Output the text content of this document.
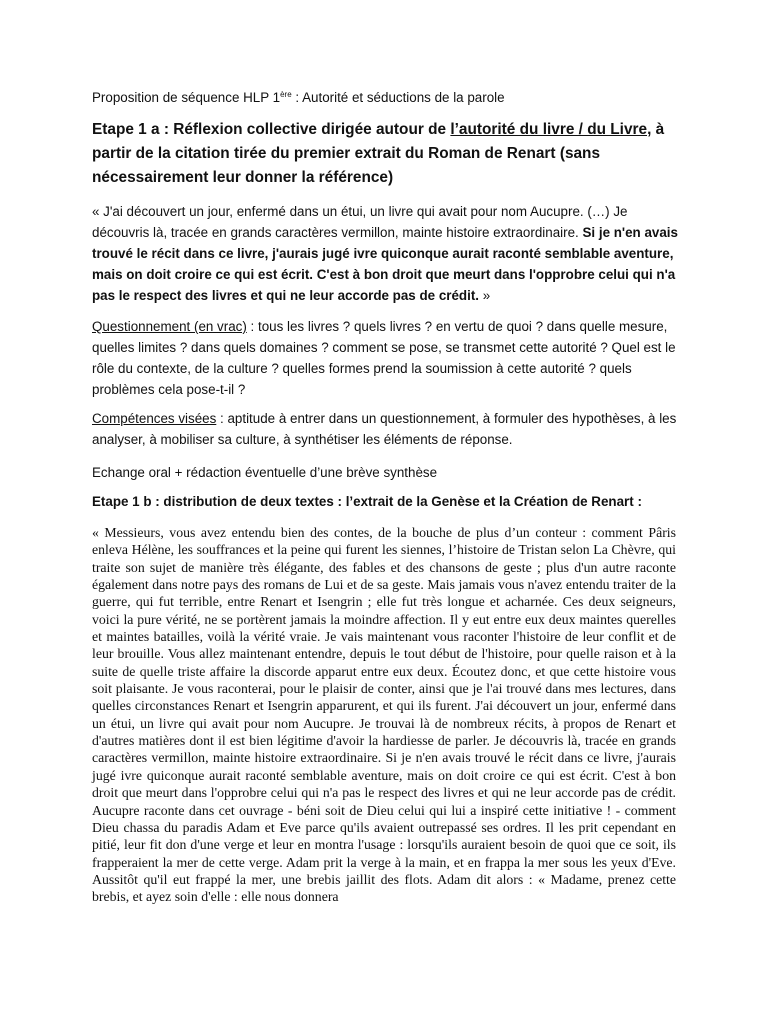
Proposition de séquence HLP 1ère : Autorité et séductions de la parole
Etape 1 a : Réflexion collective dirigée autour de l’autorité du livre / du Livre, à partir de la citation tirée du premier extrait du Roman de Renart (sans nécessairement leur donner la référence)

« J'ai découvert un jour, enfermé dans un étui, un livre qui avait pour nom Aucupre. (…) Je découvris là, tracée en grands caractères vermillon, mainte histoire extraordinaire. Si je n'en avais trouvé le récit dans ce livre, j'aurais jugé ivre quiconque aurait raconté semblable aventure, mais on doit croire ce qui est écrit. C'est à bon droit que meurt dans l'opprobre celui qui n'a pas le respect des livres et qui ne leur accorde pas de crédit. »

Questionnement (en vrac) : tous les livres ? quels livres ? en vertu de quoi ? dans quelle mesure, quelles limites ? dans quels domaines ? comment se pose, se transmet cette autorité ? Quel est le rôle du contexte, de la culture ? quelles formes prend la soumission à cette autorité ? quels problèmes cela pose-t-il ?

Compétences visées : aptitude à entrer dans un questionnement, à formuler des hypothèses, à les analyser, à mobiliser sa culture, à synthétiser les éléments de réponse.

Echange oral + rédaction éventuelle d’une brève synthèse

Etape 1 b : distribution de deux textes : l’extrait de la Genèse et la Création de Renart :

« Messieurs, vous avez entendu bien des contes, de la bouche de plus d’un conteur : comment Pâris enleva Hélène, les souffrances et la peine qui furent les siennes, l’histoire de Tristan selon La Chèvre, qui traite son sujet de manière très élégante, des fables et des chansons de geste ; plus d'un autre raconte également dans notre pays des romans de Lui et de sa geste. Mais jamais vous n'avez entendu traiter de la guerre, qui fut terrible, entre Renart et Isengrin ; elle fut très longue et acharnée. Ces deux seigneurs, voici la pure vérité, ne se portèrent jamais la moindre affection. Il y eut entre eux deux maintes querelles et maintes batailles, voilà la vérité vraie. Je vais maintenant vous raconter l'histoire de leur conflit et de leur brouille. Vous allez maintenant entendre, depuis le tout début de l'histoire, pour quelle raison et à la suite de quelle triste affaire la discorde apparut entre eux deux. Écoutez donc, et que cette histoire vous soit plaisante. Je vous raconterai, pour le plaisir de conter, ainsi que je l'ai trouvé dans mes lectures, dans quelles circonstances Renart et Isengrin apparurent, et qui ils furent. J'ai découvert un jour, enfermé dans un étui, un livre qui avait pour nom Aucupre. Je trouvai là de nombreux récits, à propos de Renart et d'autres matières dont il est bien légitime d'avoir la hardiesse de parler. Je découvris là, tracée en grands caractères vermillon, mainte histoire extraordinaire. Si je n'en avais trouvé le récit dans ce livre, j'aurais jugé ivre quiconque aurait raconté semblable aventure, mais on doit croire ce qui est écrit. C'est à bon droit que meurt dans l'opprobre celui qui n'a pas le respect des livres et qui ne leur accorde pas de crédit. Aucupre raconte dans cet ouvrage - béni soit de Dieu celui qui lui a inspiré cette initiative ! - comment Dieu chassa du paradis Adam et Eve parce qu'ils avaient outrepassé ses ordres. Il les prit cependant en pitié, leur fit don d'une verge et leur en montra l'usage : lorsqu'ils auraient besoin de quoi que ce soit, ils frapperaient la mer de cette verge. Adam prit la verge à la main, et en frappa la mer sous les yeux d'Eve. Aussitôt qu'il eut frappé la mer, une brebis jaillit des flots. Adam dit alors : « Madame, prenez cette brebis, et ayez soin d'elle : elle nous donnera
